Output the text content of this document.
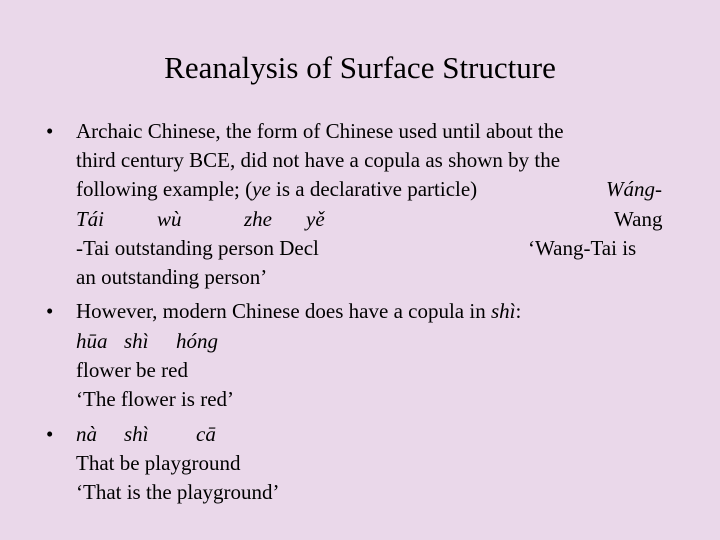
Reanalysis of Surface Structure
•	Archaic Chinese, the form of Chinese used until about the
third century BCE, did not have a copula as shown by the
following example; (ye is a declarative particle)	Wáng-
Tái	wù	zhe yě	Wang
-Tai outstanding person Decl	‘Wang-Tai is
an outstanding person’
•	However, modern Chinese does have a copula in shì:
hūa shì hóng
flower be red
‘The flower is red’
•	nà shì cā
That be playground
‘That is the playground’
